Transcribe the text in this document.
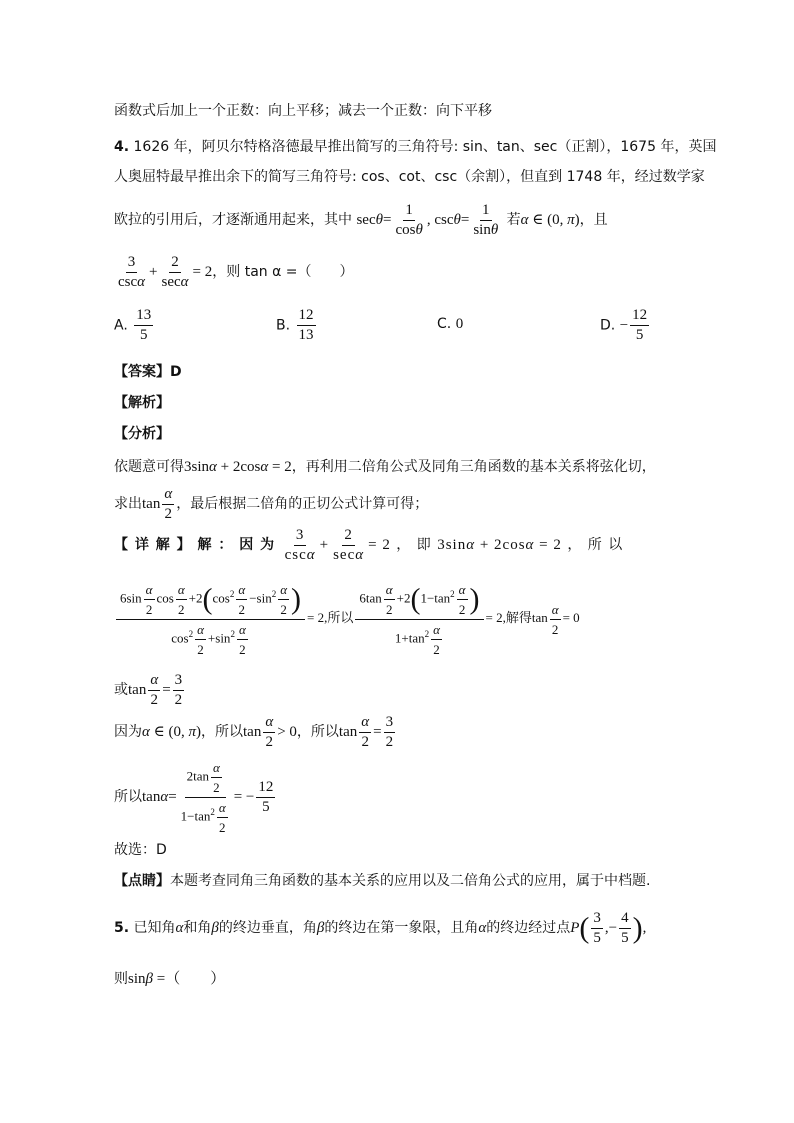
函数式后加上一个正数：向上平移；减去一个正数：向下平移
4. 1626 年，阿贝尔特格洛德最早推出简写的三角符号: sin、tan、sec（正割），1675 年，英国
人奥屈特最早推出余下的简写三角符号: cos、cot、csc（余割），但直到 1748 年，经过数学家
欧拉的引用后，才逐渐通用起来，其中 $\sec\theta= \frac{1}{\cos\theta}$ , $\csc\theta= \frac{1}{\sin\theta}$ 若α ∈ (0, π)，且
$\frac{3}{\csc\alpha} + \frac{2}{\sec\alpha} = 2$，则 tan α =（　　）
A. $\frac{13}{5}$	B. $\frac{12}{13}$	C. 0	D. − $\frac{12}{5}$
【答案】D
【解析】
【分析】
依题意可得3sinα + 2cosα = 2，再利用二倍角公式及同角三角函数的基本关系将弦化切，
求出$\tan \frac{\alpha}{2}$ ，最后根据二倍角的正切公式计算可得；
【 详 解 】 解 ： 因 为 $\frac{3}{\csc\alpha} + \frac{2}{\sec\alpha} = 2$ ， 即 3sinα + 2cosα = 2 ， 所 以
$\frac{6\sin \frac{\alpha}{2} \cos \frac{\alpha}{2} +2(\cos^2 \frac{\alpha}{2} -\sin^2 \frac{\alpha}{2} )}{\cos^2 \frac{\alpha}{2} +\sin^2 \frac{\alpha}{2}} = 2$,所以 $\frac{6\tan \frac{\alpha}{2} +2(1-\tan^2 \frac{\alpha}{2} )}{1+\tan^2 \frac{\alpha}{2}} = 2$,解得$\tan \frac{\alpha}{2} = 0$
或$\tan \frac{\alpha}{2} = \frac{3}{2}$
因为α ∈ (0, π)，所以$\tan \frac{\alpha}{2} > 0$，所以$\tan \frac{\alpha}{2} = \frac{3}{2}$
所以$\tan\alpha= \frac{2\tan \frac{\alpha}{2}}{1-\tan^2 \frac{\alpha}{2}}$ = − $\frac{12}{5}$
故选：D
【点睛】本题考查同角三角函数的基本关系的应用以及二倍角公式的应用，属于中档题.
5. 已知角α和角β的终边垂直，角β的终边在第一象限，且角α的终边经过点$P( \frac{3}{5}$ ,− $\frac{4}{5}$ ),
则sinβ =（　　）
